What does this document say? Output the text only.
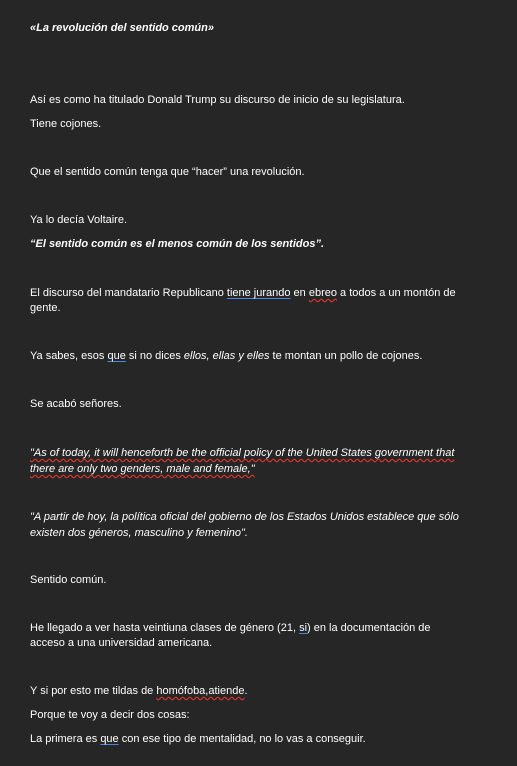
«La revolución del sentido común»

Así es como ha titulado Donald Trump su discurso de inicio de su legislatura.

Tiene cojones.

Que el sentido común tenga que “hacer” una revolución.

Ya lo decía Voltaire.

“El sentido común es el menos común de los sentidos”.

El discurso del mandatario Republicano tiene jurando en ebreo a todos a un montón de gente.

Ya sabes, esos que si no dices ellos, ellas y elles te montan un pollo de cojones.

Se acabó señores.

"As of today, it will henceforth be the official policy of the United States government that there are only two genders, male and female,"

"A partir de hoy, la política oficial del gobierno de los Estados Unidos establece que sólo existen dos géneros, masculino y femenino".

Sentido común.

He llegado a ver hasta veintiuna clases de género (21, si) en la documentación de acceso a una universidad americana.

Y si por esto me tildas de homófoba,atiende.

Porque te voy a decir dos cosas:

La primera es que con ese tipo de mentalidad, no lo vas a conseguir.
